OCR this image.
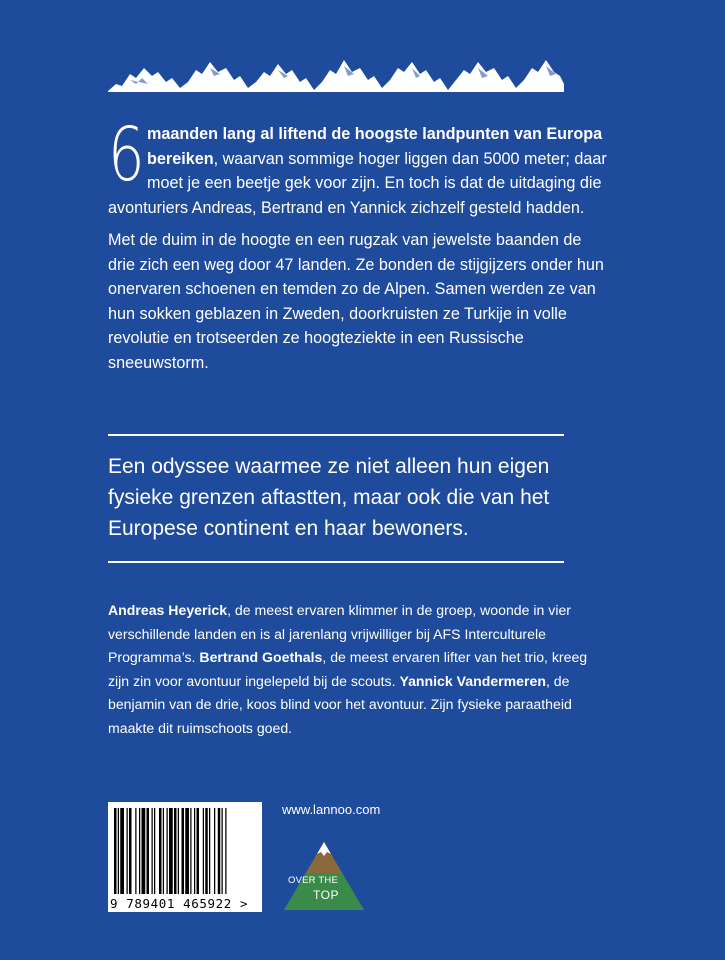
6 maanden lang al liftend de hoogste landpunten van Europa bereiken, waarvan sommige hoger liggen dan 5000 meter; daar moet je een beetje gek voor zijn. En toch is dat de uitdaging die avonturiers Andreas, Bertrand en Yannick zichzelf gesteld hadden.

Met de duim in de hoogte en een rugzak van jewelste baanden de drie zich een weg door 47 landen. Ze bonden de stijgijzers onder hun onervaren schoenen en temden zo de Alpen. Samen werden ze van hun sokken geblazen in Zweden, doorkruisten ze Turkije in volle revolutie en trotseerden ze hoogteziekte in een Russische sneeuwstorm.

Een odyssee waarmee ze niet alleen hun eigen fysieke grenzen aftastten, maar ook die van het Europese continent en haar bewoners.
Andreas Heyerick, de meest ervaren klimmer in de groep, woonde in vier verschillende landen en is al jarenlang vrijwilliger bij AFS Interculturele Programma’s. Bertrand Goethals, de meest ervaren lifter van het trio, kreeg zijn zin voor avontuur ingelepeld bij de scouts. Yannick Vandermeren, de benjamin van de drie, koos blind voor het avontuur. Zijn fysieke paraatheid maakte dit ruimschoots goed.
9 789401 465922 >
www.lannoo.com
OVER THE
TOP
